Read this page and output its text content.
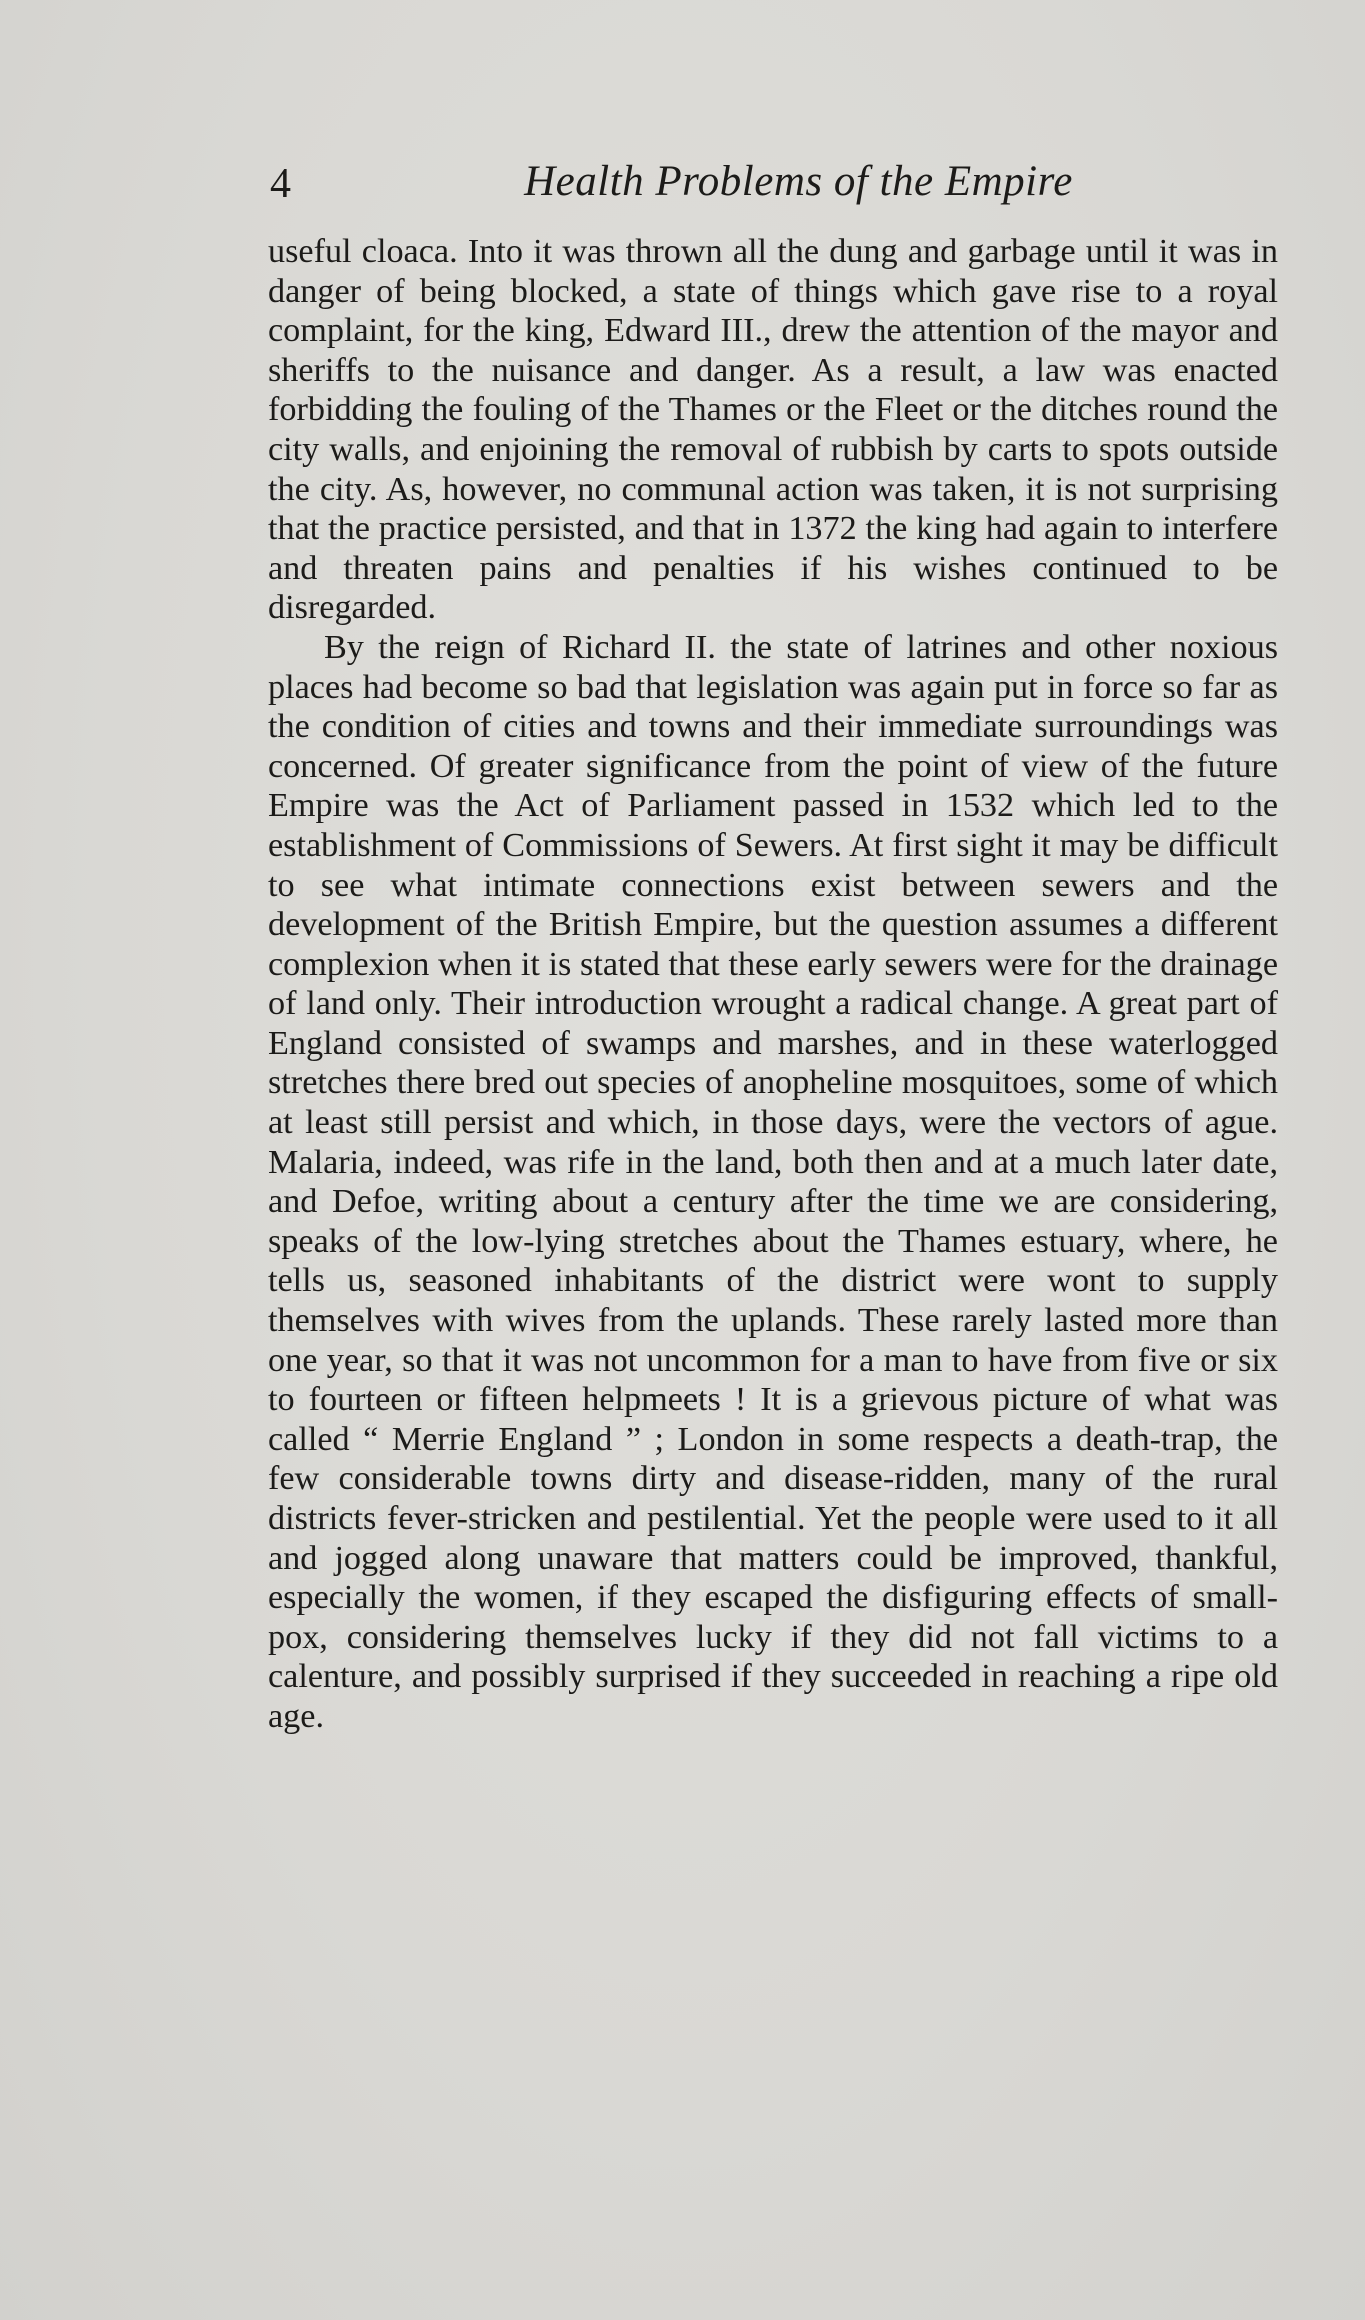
4	Health Problems of the Empire

useful cloaca. Into it was thrown all the dung and garbage until it was in danger of being blocked, a state of things which gave rise to a royal complaint, for the king, Edward III., drew the attention of the mayor and sheriffs to the nuisance and danger. As a result, a law was enacted forbidding the fouling of the Thames or the Fleet or the ditches round the city walls, and enjoining the removal of rubbish by carts to spots outside the city. As, however, no communal action was taken, it is not surprising that the practice persisted, and that in 1372 the king had again to interfere and threaten pains and penalties if his wishes continued to be disregarded.

By the reign of Richard II. the state of latrines and other noxious places had become so bad that legislation was again put in force so far as the condition of cities and towns and their immediate surroundings was concerned. Of greater significance from the point of view of the future Empire was the Act of Parliament passed in 1532 which led to the establishment of Commissions of Sewers. At first sight it may be difficult to see what intimate connections exist between sewers and the development of the British Empire, but the question assumes a different complexion when it is stated that these early sewers were for the drainage of land only. Their introduction wrought a radical change. A great part of England consisted of swamps and marshes, and in these waterlogged stretches there bred out species of anopheline mosquitoes, some of which at least still persist and which, in those days, were the vectors of ague. Malaria, indeed, was rife in the land, both then and at a much later date, and Defoe, writing about a century after the time we are considering, speaks of the low-lying stretches about the Thames estuary, where, he tells us, seasoned inhabitants of the district were wont to supply themselves with wives from the uplands. These rarely lasted more than one year, so that it was not uncommon for a man to have from five or six to fourteen or fifteen helpmeets ! It is a grievous picture of what was called “ Merrie England ” ; London in some respects a death-trap, the few considerable towns dirty and disease-ridden, many of the rural districts fever-stricken and pestilential. Yet the people were used to it all and jogged along unaware that matters could be improved, thankful, especially the women, if they escaped the disfiguring effects of small-pox, considering themselves lucky if they did not fall victims to a calenture, and possibly surprised if they succeeded in reaching a ripe old age.
